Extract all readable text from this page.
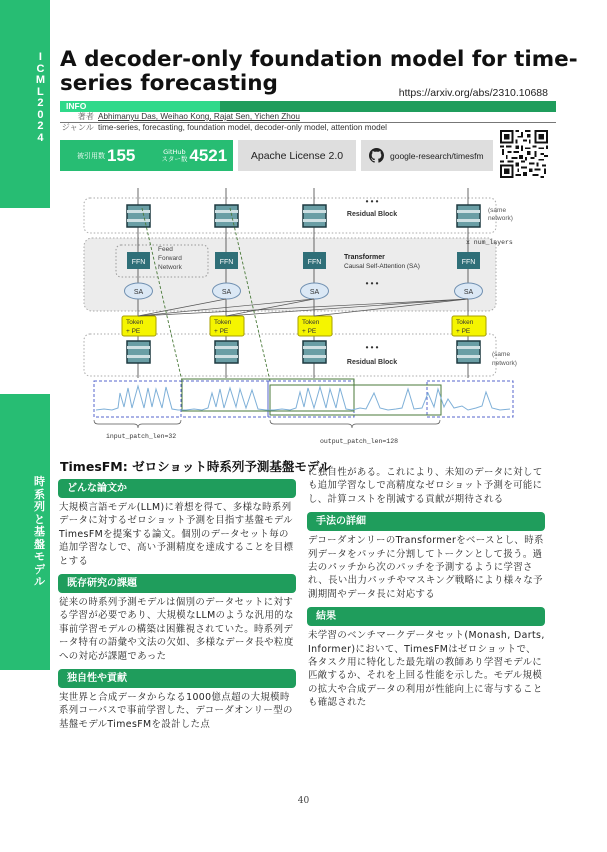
I
C
M
L
2
0
2
4
時
系
列
と
基
盤
モ
デ
ル
A decoder-only foundation model for time-series forecasting	https://arxiv.org/abs/2310.10688
INFO
著者 Abhimanyu Das, Weihao Kong, Rajat Sen, Yichen Zhou
ジャンル time-series, forecasting, foundation model, decoder-only model, attention model
被引用数 155	GitHub
スター数 4521	Apache License 2.0	google-research/timesfm
FFN
SA
Token
+ PE
FFN
SA
Token
+ PE
FFN
SA
Token
+ PE
FFN
SA
Token
+ PE
• • •
Residual Block
(same
network)
x num_layers
Feed
Forward
Network
Transformer
Causal Self-Attention (SA)
• • •
• • •
Residual Block
(same
network)
input_patch_len=32
output_patch_len=128
TimesFM: ゼロショット時系列予測基盤モデル
どんな論文か

大規模言語モデル(LLM)に着想を得て、多様な時系列データに対するゼロショット予測を目指す基盤モデルTimesFMを提案する論文。個別のデータセット毎の追加学習なしで、高い予測精度を達成することを目標とする

既存研究の課題

従来の時系列予測モデルは個別のデータセットに対する学習が必要であり、大規模なLLMのような汎用的な事前学習モデルの構築は困難視されていた。時系列データ特有の語彙や文法の欠如、多様なデータ長や粒度への対応が課題であった

独自性や貢献

実世界と合成データからなる1000億点超の大規模時系列コーパスで事前学習した、デコーダオンリー型の基盤モデルTimesFMを設計した点

に独自性がある。これにより、未知のデータに対しても追加学習なしで高精度なゼロショット予測を可能にし、計算コストを削減する貢献が期待される

手法の詳細

デコーダオンリーのTransformerをベースとし、時系列データをパッチに分割してトークンとして扱う。過去のパッチから次のパッチを予測するように学習され、長い出力パッチやマスキング戦略により様々な予測期間やデータ長に対応する

結果

未学習のベンチマークデータセット(Monash, Darts, Informer)において、TimesFMはゼロショットで、各タスク用に特化した最先端の教師あり学習モデルに匹敵するか、それを上回る性能を示した。モデル規模の拡大や合成データの利用が性能向上に寄与することも確認された

40
